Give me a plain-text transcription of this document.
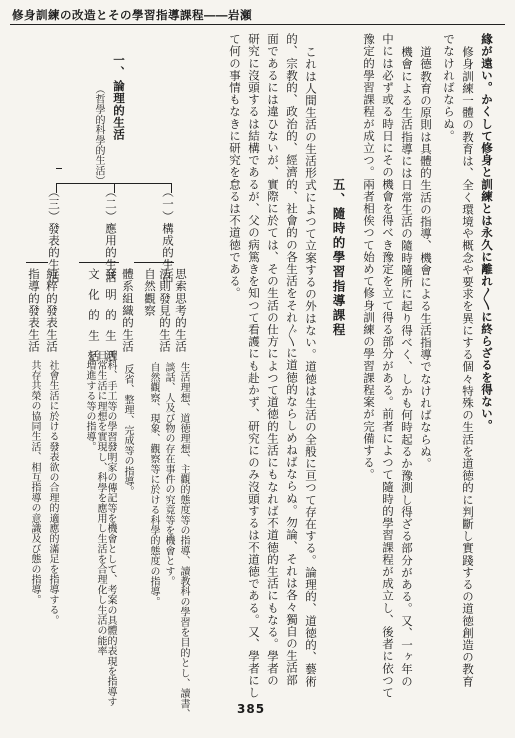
修身訓練の改造とその學習指導課程――岩瀬
緣が遠い。かくして修身と訓練とは永久に離れ〳〵に終らざるを得ない。
修身訓練一體の教育は、全く環境や概念や要求を異にする個々特殊の生活を道徳的に判斷し實踐するの道徳創造の教育
でなければならぬ。
道德教育の原則は具體的生活の指導、機會による生活指導でなければならぬ。
機會による生活指導には日常生活の隨時隨所に起り得べく、しかも何時起るか豫測し得ざる部分がある。又、一ヶ年の
中には必ず或る時日にその機會を得べき豫定を立て得る部分がある。前者によつて隨時的學習課程が成立し、後者に依つて
豫定的學習課程が成立つ。兩者相俟つて始めて修身訓練の學習課程案が完備する。
五、隨時的學習指導課程
これは人間生活の生活形式によつて立案するの外はない。道徳は生活の全般に亘つて存在する。論理的、道徳的、藝術
的、宗教的、政治的、經濟的、社會的の各生活をそれ〴〵に道徳的ならしめねばならぬ。勿論、それは各々獨自の生活部
面であるには違ひないが、實際に於ては、その生活の仕方によつて道徳的生活にもなれば不道徳的生活にもなる。學者の
研究に沒頭するは結構であるが、父の病篤きを知つて看護にも赴かず、研究にのみ沒頭するは不道徳である。又、學者にし
て何の事情もなきに研究を怠るは不道徳である。
一、
論理的生活
（哲學的科學的生活）
（一）構成的生活
（二）應用的生活
（三）發表的生活
思索思考的生活
法則發見的生活
自然觀察
生活理想、道徳理想、主觀的態度等の指導、讀教科の學習を目的とし、讀書、
談話、人及び物の存在事件の究竟等を機會とす。
自然觀察、現象、觀察等に於ける科學的態度の指導。
體系組織的生活
發明的生活
文化的生活
反省、整理、完成等の指導。
理科、手工等の學習發明家の傳記等を機會として、考案の具體的表現を指導す
日常生活に理想を實現し、科學を應用し生活を合理化し生活の能率を増進する等の指導。
純粹的發表生活
指導的發表生活
社會生活に於ける發表欲の合理的適應的滿足を指導する。
共存共榮の協同生活、相互指導の意識及び態の指導。
385
